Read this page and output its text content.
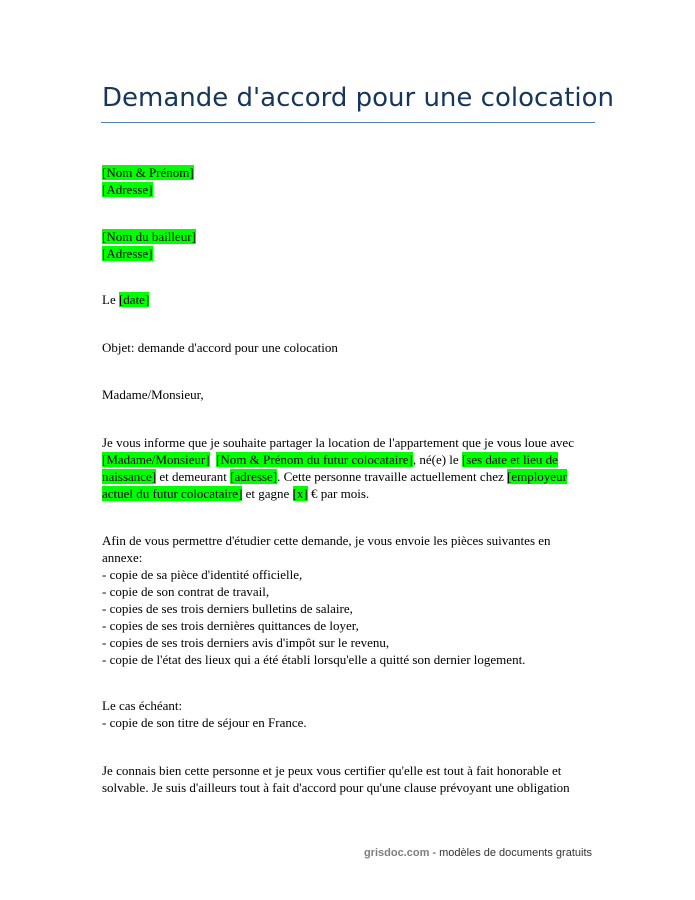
Demande d'accord pour une colocation
[Nom & Prénom]
[Adresse]
[Nom du bailleur]
[Adresse]
Le [date]
Objet: demande d'accord pour une colocation
Madame/Monsieur,
Je vous informe que je souhaite partager la location de l'appartement que je vous loue avec
[Madame/Monsieur] [Nom & Prénom du futur colocataire], né(e) le [ses date et lieu de
naissance] et demeurant [adresse]. Cette personne travaille actuellement chez [employeur
actuel du futur colocataire] et gagne [x] € par mois.
Afin de vous permettre d'étudier cette demande, je vous envoie les pièces suivantes en
annexe:
- copie de sa pièce d'identité officielle,
- copie de son contrat de travail,
- copies de ses trois derniers bulletins de salaire,
- copies de ses trois dernières quittances de loyer,
- copies de ses trois derniers avis d'impôt sur le revenu,
- copie de l'état des lieux qui a été établi lorsqu'elle a quitté son dernier logement.
Le cas échéant:
- copie de son titre de séjour en France.
Je connais bien cette personne et je peux vous certifier qu'elle est tout à fait honorable et
solvable. Je suis d'ailleurs tout à fait d'accord pour qu'une clause prévoyant une obligation
grisdoc.com - modèles de documents gratuits
